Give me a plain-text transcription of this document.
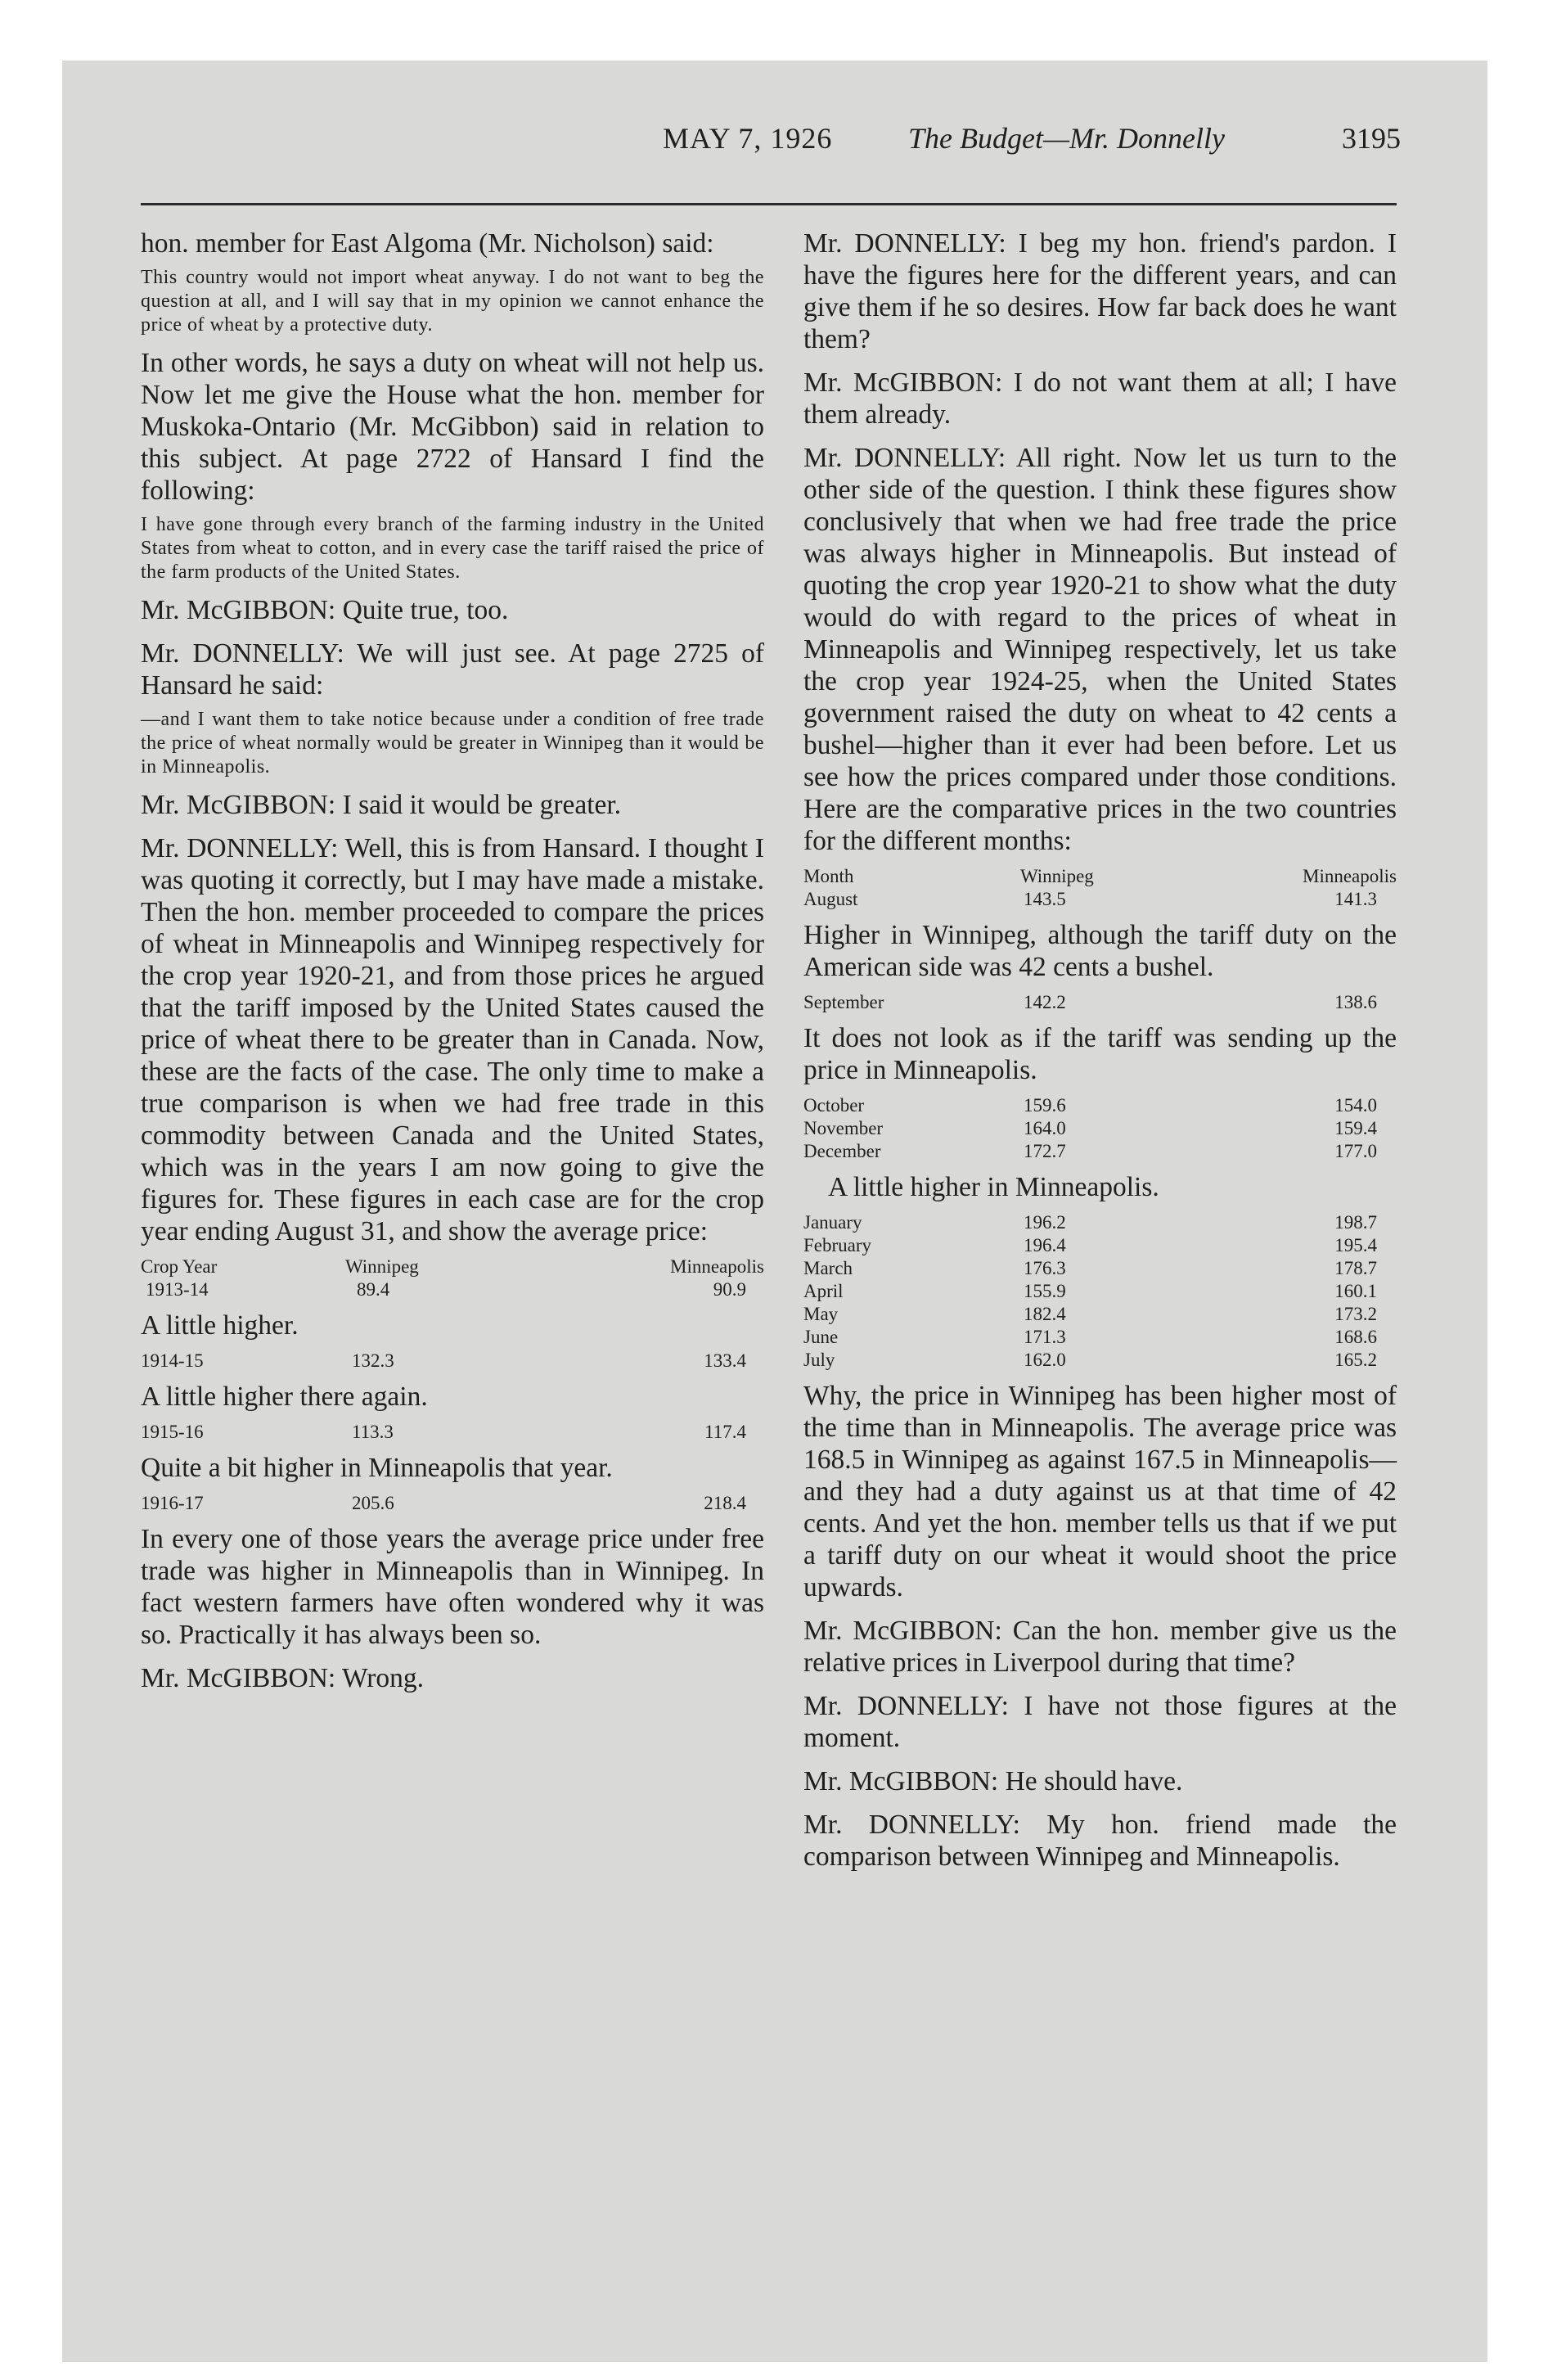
MAY 7, 1926	The Budget—Mr. Donnelly	3195

hon. member for East Algoma (Mr. Nicholson) said:

This country would not import wheat anyway. I do not want to beg the question at all, and I will say that in my opinion we cannot enhance the price of wheat by a protective duty.

In other words, he says a duty on wheat will not help us. Now let me give the House what the hon. member for Muskoka-Ontario (Mr. McGibbon) said in relation to this subject. At page 2722 of Hansard I find the following:

I have gone through every branch of the farming industry in the United States from wheat to cotton, and in every case the tariff raised the price of the farm products of the United States.

Mr. McGIBBON: Quite true, too.

Mr. DONNELLY: We will just see. At page 2725 of Hansard he said:

—and I want them to take notice because under a condition of free trade the price of wheat normally would be greater in Winnipeg than it would be in Minneapolis.

Mr. McGIBBON: I said it would be greater.

Mr. DONNELLY: Well, this is from Hansard. I thought I was quoting it correctly, but I may have made a mistake. Then the hon. member proceeded to compare the prices of wheat in Minneapolis and Winnipeg respectively for the crop year 1920-21, and from those prices he argued that the tariff imposed by the United States caused the price of wheat there to be greater than in Canada. Now, these are the facts of the case. The only time to make a true comparison is when we had free trade in this commodity between Canada and the United States, which was in the years I am now going to give the figures for. These figures in each case are for the crop year ending August 31, and show the average price:

Crop Year	Winnipeg	Minneapolis
1913-14	89.4	90.9

A little higher.

1914-15	132.3	133.4

A little higher there again.

1915-16	113.3	117.4

Quite a bit higher in Minneapolis that year.

1916-17	205.6	218.4

In every one of those years the average price under free trade was higher in Minneapolis than in Winnipeg. In fact western farmers have often wondered why it was so. Practically it has always been so.

Mr. McGIBBON: Wrong.

Mr. DONNELLY: I beg my hon. friend's pardon. I have the figures here for the different years, and can give them if he so desires. How far back does he want them?

Mr. McGIBBON: I do not want them at all; I have them already.

Mr. DONNELLY: All right. Now let us turn to the other side of the question. I think these figures show conclusively that when we had free trade the price was always higher in Minneapolis. But instead of quoting the crop year 1920-21 to show what the duty would do with regard to the prices of wheat in Minneapolis and Winnipeg respectively, let us take the crop year 1924-25, when the United States government raised the duty on wheat to 42 cents a bushel—higher than it ever had been before. Let us see how the prices compared under those conditions. Here are the comparative prices in the two countries for the different months:

Month	Winnipeg	Minneapolis
August	143.5	141.3

Higher in Winnipeg, although the tariff duty on the American side was 42 cents a bushel.

September	142.2	138.6

It does not look as if the tariff was sending up the price in Minneapolis.

October	159.6	154.0
November	164.0	159.4
December	172.7	177.0

A little higher in Minneapolis.

January	196.2	198.7
February	196.4	195.4
March	176.3	178.7
April	155.9	160.1
May	182.4	173.2
June	171.3	168.6
July	162.0	165.2

Why, the price in Winnipeg has been higher most of the time than in Minneapolis. The average price was 168.5 in Winnipeg as against 167.5 in Minneapolis—and they had a duty against us at that time of 42 cents. And yet the hon. member tells us that if we put a tariff duty on our wheat it would shoot the price upwards.

Mr. McGIBBON: Can the hon. member give us the relative prices in Liverpool during that time?

Mr. DONNELLY: I have not those figures at the moment.

Mr. McGIBBON: He should have.

Mr. DONNELLY: My hon. friend made the comparison between Winnipeg and Minneapolis.
